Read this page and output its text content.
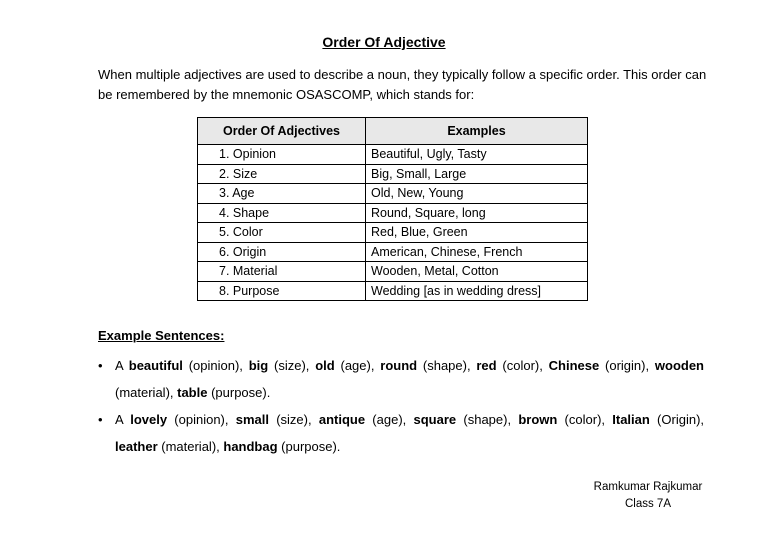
Order Of Adjective
When multiple adjectives are used to describe a noun, they typically follow a specific order. This order can be remembered by the mnemonic OSASCOMP, which stands for:
Order Of Adjectives	Examples
1. Opinion	Beautiful, Ugly, Tasty
2. Size	Big, Small, Large
3. Age	Old, New, Young
4. Shape	Round, Square, long
5. Color	Red, Blue, Green
6. Origin	American, Chinese, French
7. Material	Wooden, Metal, Cotton
8. Purpose	Wedding [as in wedding dress]
Example Sentences:
• A beautiful (opinion), big (size), old (age), round (shape), red (color), Chinese (origin), wooden (material), table (purpose).
• A lovely (opinion), small (size), antique (age), square (shape), brown (color), Italian (Origin), leather (material), handbag (purpose).
Ramkumar Rajkumar
Class 7A
